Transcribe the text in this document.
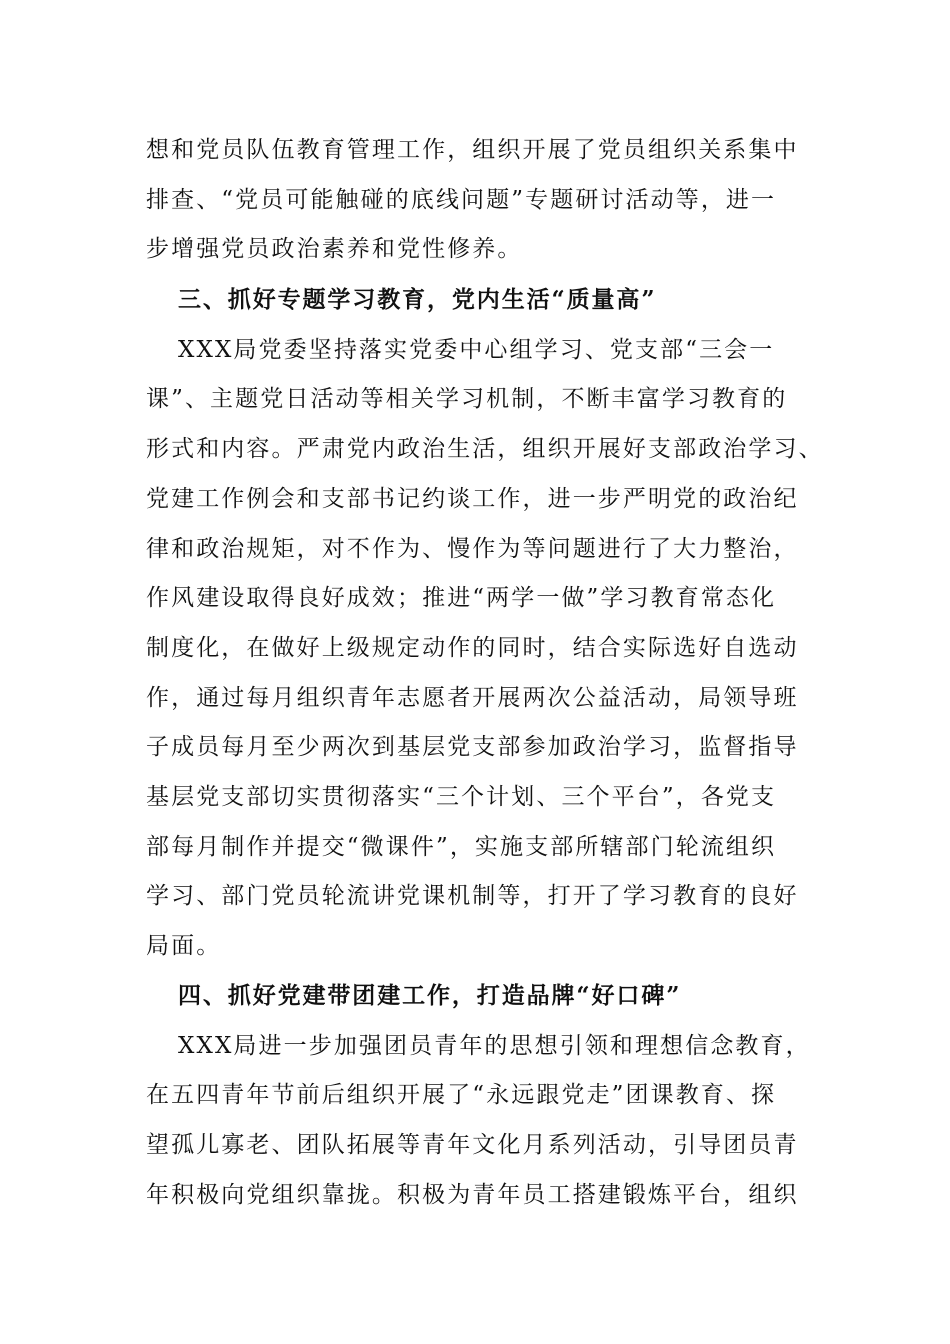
想和党员队伍教育管理工作，组织开展了党员组织关系集中
排查、“党员可能触碰的底线问题”专题研讨活动等，进一
步增强党员政治素养和党性修养。
三、抓好专题学习教育，党内生活“质量高”
XXX局党委坚持落实党委中心组学习、党支部“三会一
课”、主题党日活动等相关学习机制，不断丰富学习教育的
形式和内容。严肃党内政治生活，组织开展好支部政治学习、
党建工作例会和支部书记约谈工作，进一步严明党的政治纪
律和政治规矩，对不作为、慢作为等问题进行了大力整治，
作风建设取得良好成效；推进“两学一做”学习教育常态化
制度化，在做好上级规定动作的同时，结合实际选好自选动
作，通过每月组织青年志愿者开展两次公益活动，局领导班
子成员每月至少两次到基层党支部参加政治学习，监督指导
基层党支部切实贯彻落实“三个计划、三个平台”，各党支
部每月制作并提交“微课件”，实施支部所辖部门轮流组织
学习、部门党员轮流讲党课机制等，打开了学习教育的良好
局面。
四、抓好党建带团建工作，打造品牌“好口碑”
XXX局进一步加强团员青年的思想引领和理想信念教育，
在五四青年节前后组织开展了“永远跟党走”团课教育、探
望孤儿寡老、团队拓展等青年文化月系列活动，引导团员青
年积极向党组织靠拢。积极为青年员工搭建锻炼平台，组织
